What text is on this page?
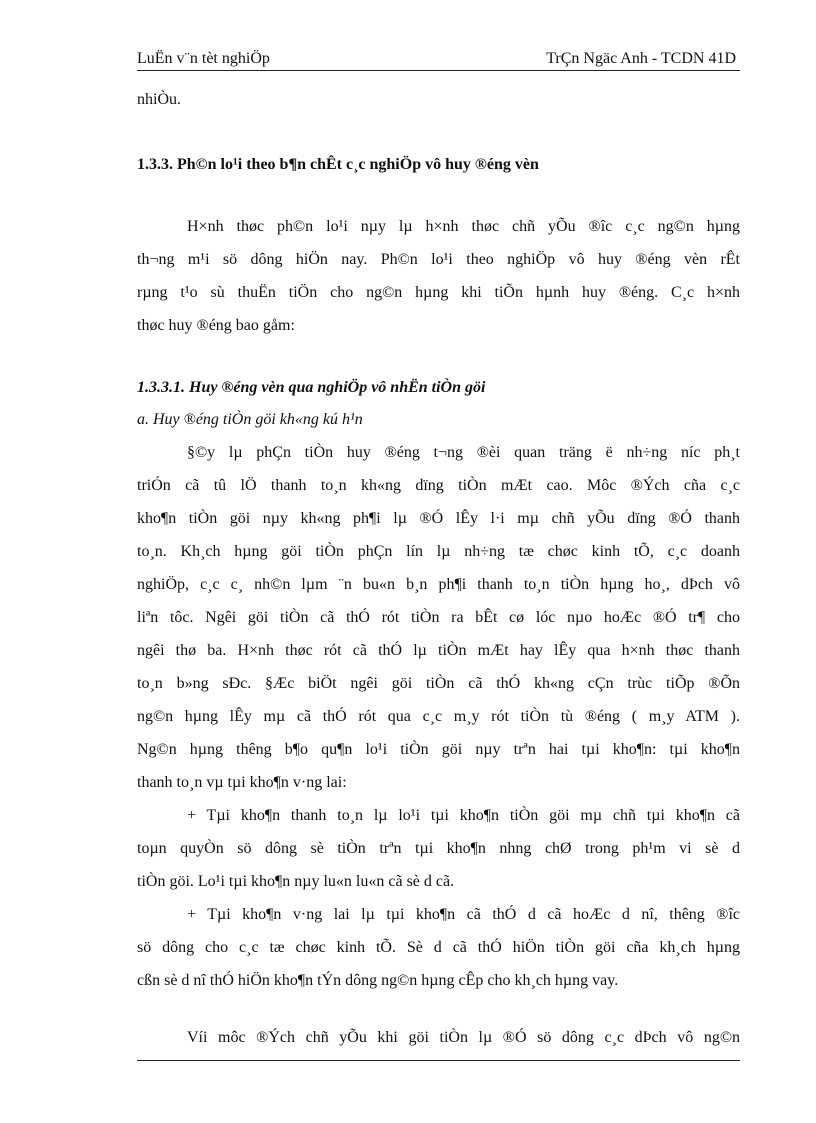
LuËn v¨n tèt nghiÖp	TrÇn Ngäc Anh - TCDN 41D
nhiÒu.
1.3.3. Ph©n lo¹i theo b¶n chÊt c¸c nghiÖp vô huy ®éng vèn
H×nh thøc ph©n lo¹i nµy lµ h×nh thøc chñ yÕu ®îc c¸c ng©n hµng
th¬ng m¹i sö dông hiÖn nay. Ph©n lo¹i theo nghiÖp vô huy ®éng vèn rÊt
rµng t¹o sù thuËn tiÖn cho ng©n hµng khi tiÕn hµnh huy ®éng. C¸c h×nh
thøc huy ®éng bao gåm:
1.3.3.1. Huy ®éng vèn qua nghiÖp vô nhËn tiÒn göi
a. Huy ®éng tiÒn göi kh«ng kú h¹n
§©y lµ phÇn tiÒn huy ®éng t¬ng ®èi quan träng ë nh÷ng níc ph¸t
triÓn cã tû lÖ thanh to¸n kh«ng dïng tiÒn mÆt cao. Môc ®Ých cña c¸c
kho¶n tiÒn göi nµy kh«ng ph¶i lµ ®Ó lÊy l·i mµ chñ yÕu dïng ®Ó thanh
to¸n. Kh¸ch hµng göi tiÒn phÇn lín lµ nh÷ng tæ chøc kinh tÕ, c¸c doanh
nghiÖp, c¸c c¸ nh©n lµm ¨n bu«n b¸n ph¶i thanh to¸n tiÒn hµng ho¸, dÞch vô
liªn tôc. Ngêi göi tiÒn cã thÓ rót tiÒn ra bÊt cø lóc nµo hoÆc ®Ó tr¶ cho
ngêi thø ba. H×nh thøc rót cã thÓ lµ tiÒn mÆt hay lÊy qua h×nh thøc thanh
to¸n b»ng sÐc. §Æc biÖt ngêi göi tiÒn cã thÓ kh«ng cÇn trùc tiÕp ®Õn
ng©n hµng lÊy mµ cã thÓ rót qua c¸c m¸y rót tiÒn tù ®éng ( m¸y ATM ).
Ng©n hµng thêng b¶o qu¶n lo¹i tiÒn göi nµy trªn hai tµi kho¶n: tµi kho¶n
thanh to¸n vµ tµi kho¶n v·ng lai:
+ Tµi kho¶n thanh to¸n lµ lo¹i tµi kho¶n tiÒn göi mµ chñ tµi kho¶n cã
toµn quyÒn sö dông sè tiÒn trªn tµi kho¶n nhng chØ trong ph¹m vi sè d
tiÒn göi. Lo¹i tµi kho¶n nµy lu«n lu«n cã sè d cã.
+ Tµi kho¶n v·ng lai lµ tµi kho¶n cã thÓ d cã hoÆc d nî, thêng ®îc
sö dông cho c¸c tæ chøc kinh tÕ. Sè d cã thÓ hiÖn tiÒn göi cña kh¸ch hµng
cßn sè d nî thÓ hiÖn kho¶n tÝn dông ng©n hµng cÊp cho kh¸ch hµng vay.
Víi môc ®Ých chñ yÕu khi göi tiÒn lµ ®Ó sö dông c¸c dÞch vô ng©n
